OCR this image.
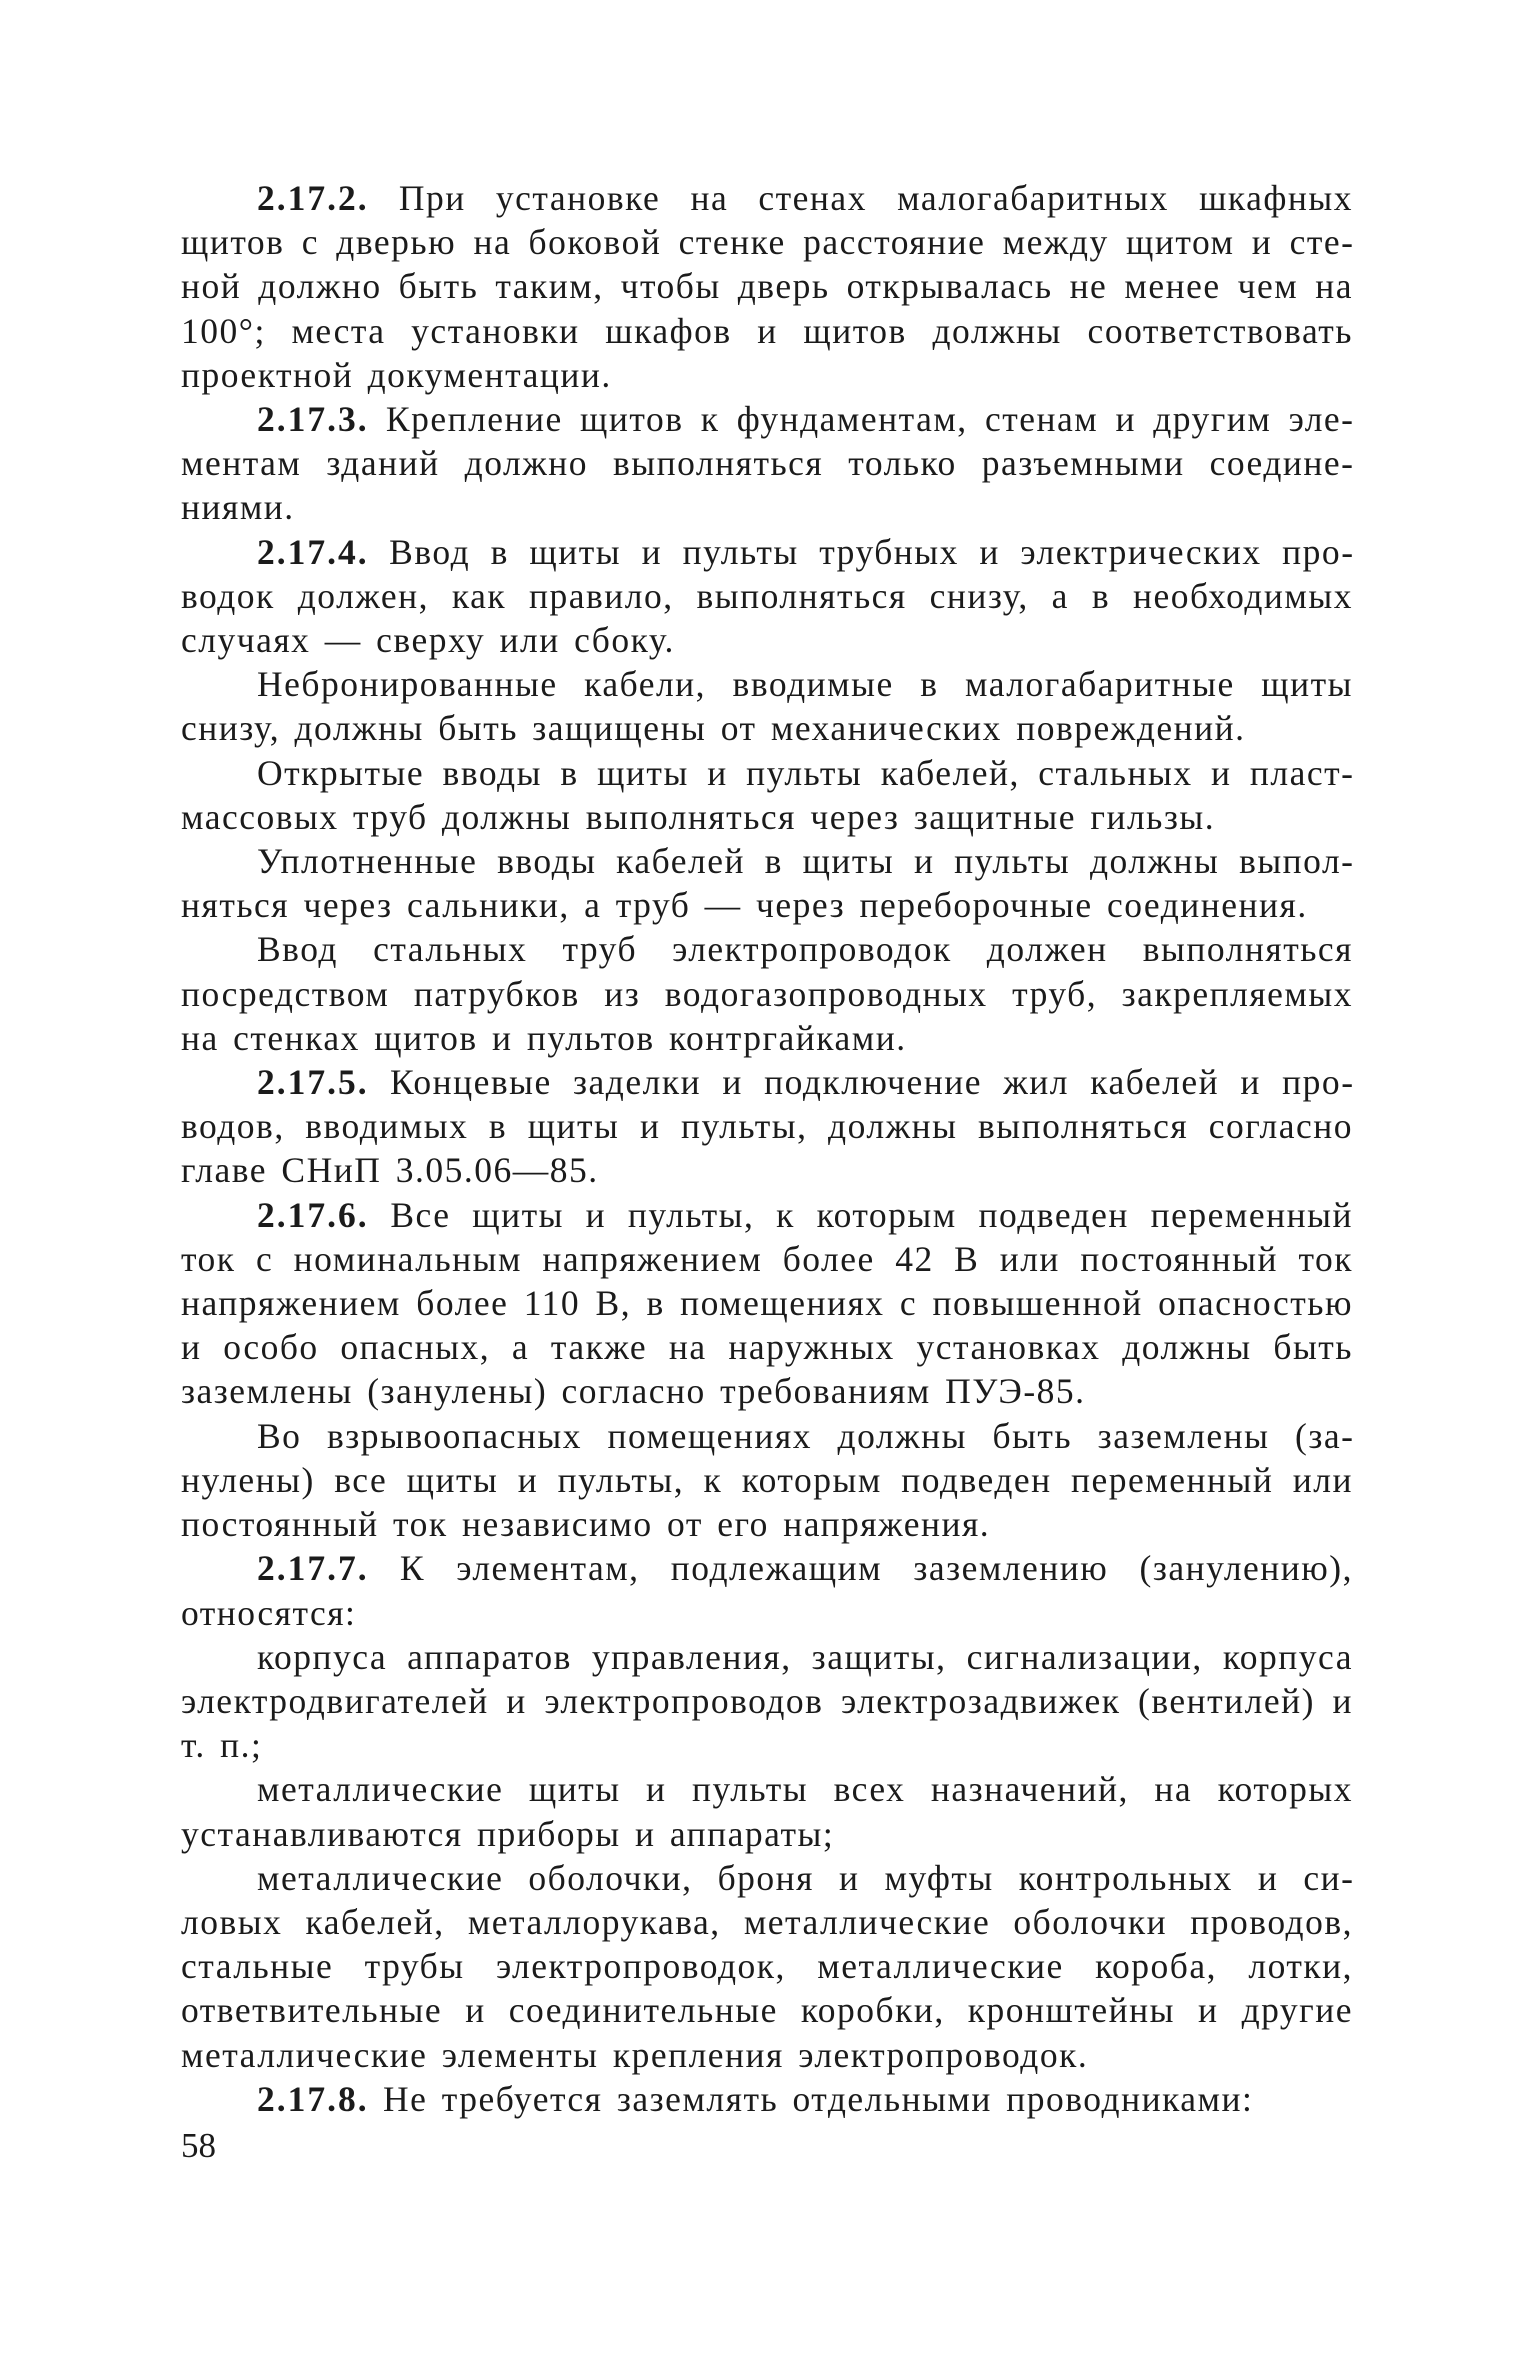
2.17.2. При установке на стенах малогабаритных шкафных щитов с дверью на боковой стенке расстояние между щитом и стеной должно быть таким, чтобы дверь открывалась не менее чем на 100°; места установки шкафов и щитов должны соответствовать проектной документации.

2.17.3. Крепление щитов к фундаментам, стенам и другим элементам зданий должно выполняться только разъемными соединениями.

2.17.4. Ввод в щиты и пульты трубных и электрических проводок должен, как правило, выполняться снизу, а в необходимых случаях — сверху или сбоку.

Небронированные кабели, вводимые в малогабаритные щиты снизу, должны быть защищены от механических повреждений.

Открытые вводы в щиты и пульты кабелей, стальных и пластмассовых труб должны выполняться через защитные гильзы.

Уплотненные вводы кабелей в щиты и пульты должны выполняться через сальники, а труб — через переборочные соединения.

Ввод стальных труб электропроводок должен выполняться посредством патрубков из водогазопроводных труб, закрепляемых на стенках щитов и пультов контргайками.

2.17.5. Концевые заделки и подключение жил кабелей и проводов, вводимых в щиты и пульты, должны выполняться согласно главе СНиП 3.05.06—85.

2.17.6. Все щиты и пульты, к которым подведен переменный ток с номинальным напряжением более 42 В или постоянный ток напряжением более 110 В, в помещениях с повышенной опасностью и особо опасных, а также на наружных установках должны быть заземлены (занулены) согласно требованиям ПУЭ-85.

Во взрывоопасных помещениях должны быть заземлены (занулены) все щиты и пульты, к которым подведен переменный или постоянный ток независимо от его напряжения.

2.17.7. К элементам, подлежащим заземлению (занулению), относятся:

корпуса аппаратов управления, защиты, сигнализации, корпуса электродвигателей и электропроводов электрозадвижек (вентилей) и т. п.;

металлические щиты и пульты всех назначений, на которых устанавливаются приборы и аппараты;

металлические оболочки, броня и муфты контрольных и силовых кабелей, металлорукава, металлические оболочки проводов, стальные трубы электропроводок, металлические короба, лотки, ответвительные и соединительные коробки, кронштейны и другие металлические элементы крепления электропроводок.

2.17.8. Не требуется заземлять отдельными проводниками:

58
